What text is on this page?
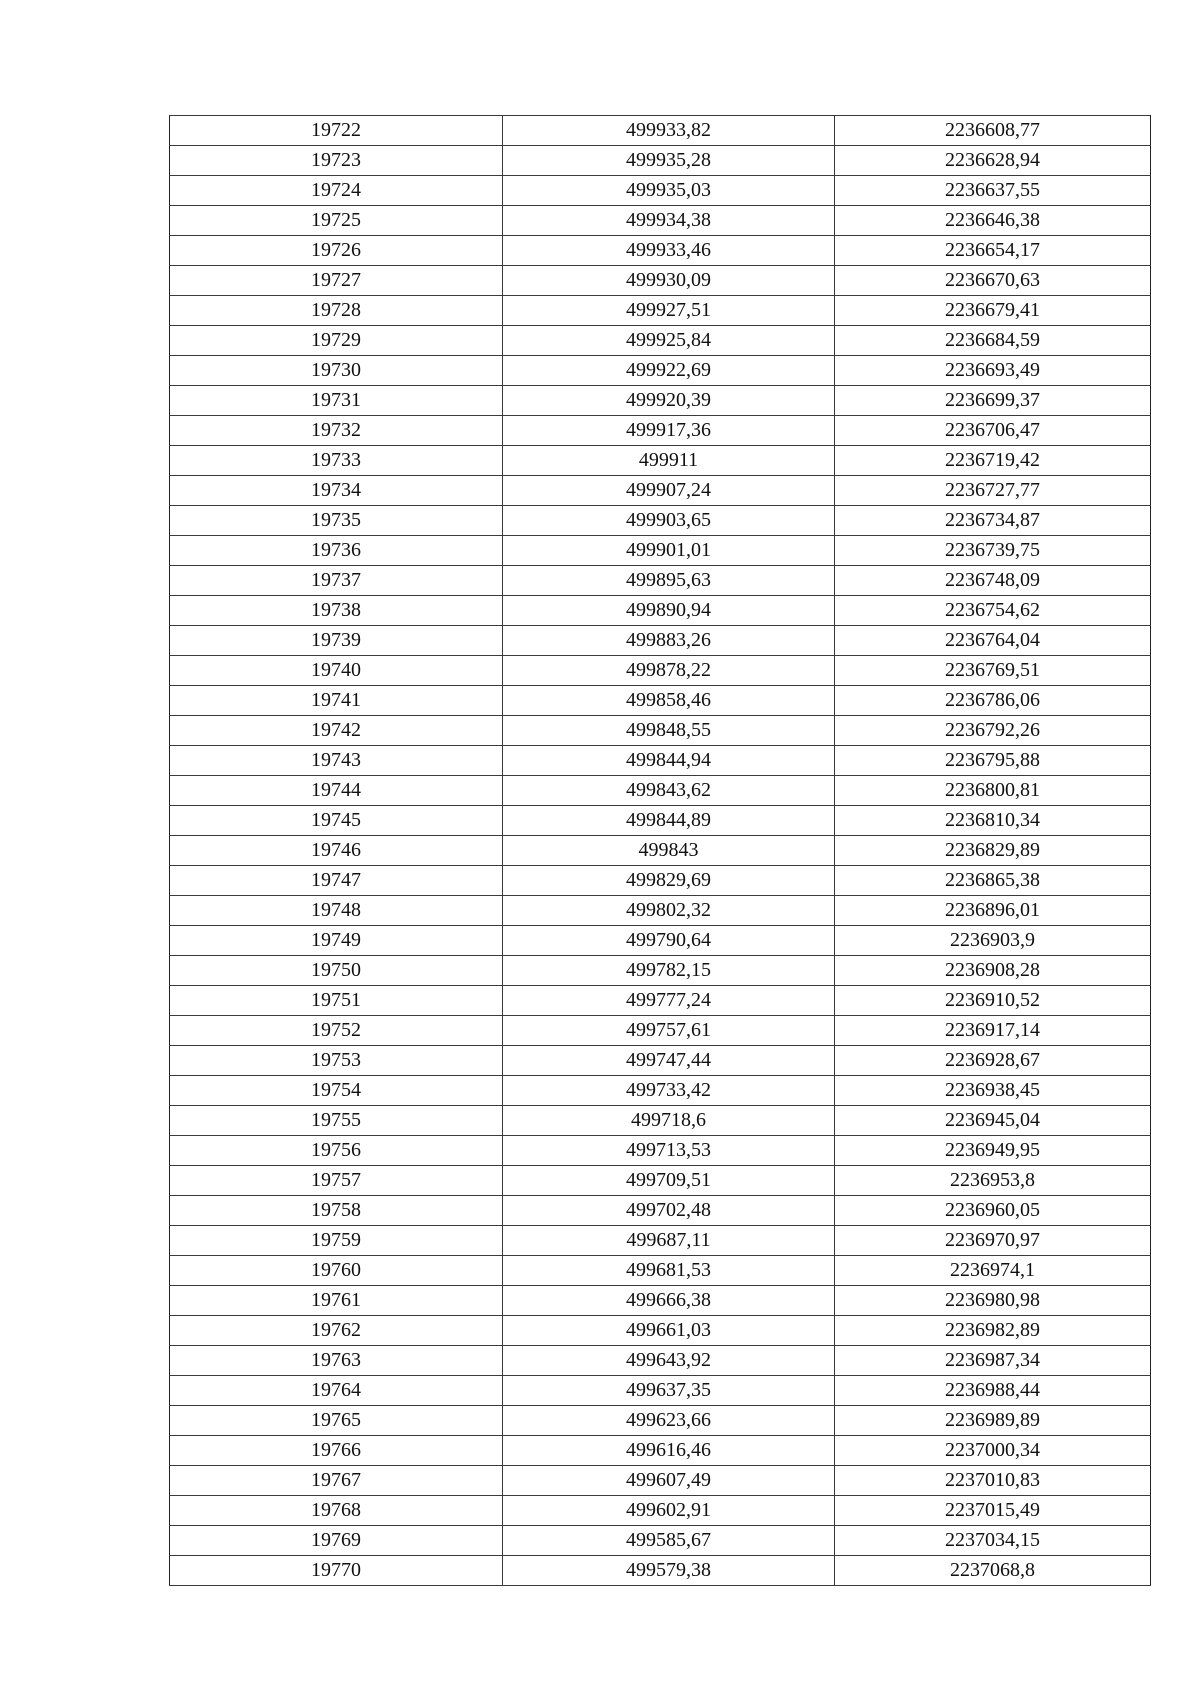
19722	499933,82	2236608,77
19723	499935,28	2236628,94
19724	499935,03	2236637,55
19725	499934,38	2236646,38
19726	499933,46	2236654,17
19727	499930,09	2236670,63
19728	499927,51	2236679,41
19729	499925,84	2236684,59
19730	499922,69	2236693,49
19731	499920,39	2236699,37
19732	499917,36	2236706,47
19733	499911	2236719,42
19734	499907,24	2236727,77
19735	499903,65	2236734,87
19736	499901,01	2236739,75
19737	499895,63	2236748,09
19738	499890,94	2236754,62
19739	499883,26	2236764,04
19740	499878,22	2236769,51
19741	499858,46	2236786,06
19742	499848,55	2236792,26
19743	499844,94	2236795,88
19744	499843,62	2236800,81
19745	499844,89	2236810,34
19746	499843	2236829,89
19747	499829,69	2236865,38
19748	499802,32	2236896,01
19749	499790,64	2236903,9
19750	499782,15	2236908,28
19751	499777,24	2236910,52
19752	499757,61	2236917,14
19753	499747,44	2236928,67
19754	499733,42	2236938,45
19755	499718,6	2236945,04
19756	499713,53	2236949,95
19757	499709,51	2236953,8
19758	499702,48	2236960,05
19759	499687,11	2236970,97
19760	499681,53	2236974,1
19761	499666,38	2236980,98
19762	499661,03	2236982,89
19763	499643,92	2236987,34
19764	499637,35	2236988,44
19765	499623,66	2236989,89
19766	499616,46	2237000,34
19767	499607,49	2237010,83
19768	499602,91	2237015,49
19769	499585,67	2237034,15
19770	499579,38	2237068,8
